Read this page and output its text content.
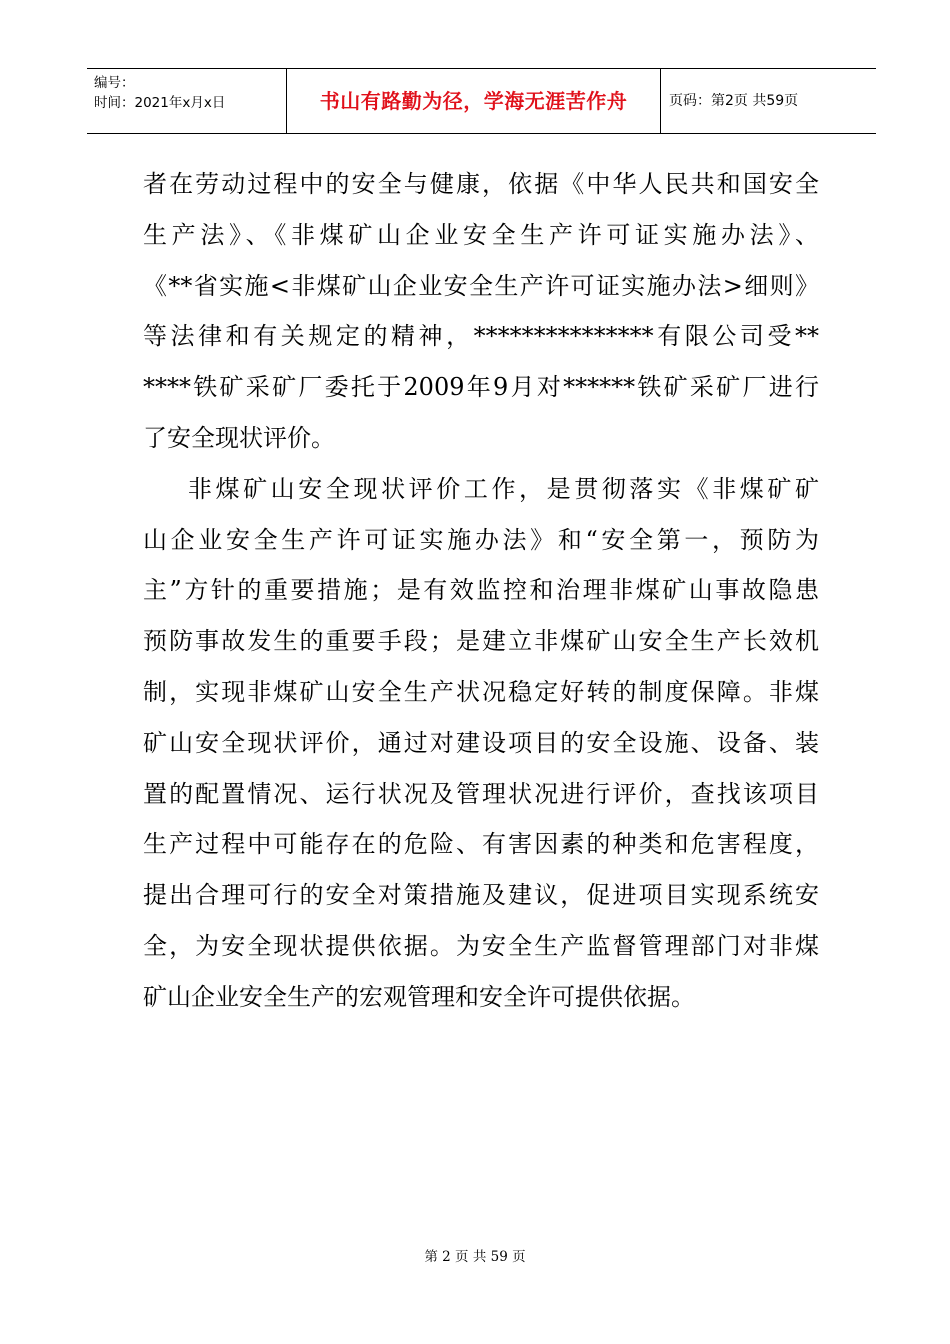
编号：
时间：2021年x月x日	书山有路勤为径，学海无涯苦作舟	页码：第2页 共59页

者在劳动过程中的安全与健康，依据《中华人民共和国安全

生产法》、《非煤矿山企业安全生产许可证实施办法》、

《**省实施<非煤矿山企业安全生产许可证实施办法>细则》

等法律和有关规定的精神，***************有限公司受**

****铁矿采矿厂委托于2009年9月对******铁矿采矿厂进行

了安全现状评价。

非煤矿山安全现状评价工作，是贯彻落实《非煤矿矿

山企业安全生产许可证实施办法》和“安全第一，预防为

主”方针的重要措施；是有效监控和治理非煤矿山事故隐患

预防事故发生的重要手段；是建立非煤矿山安全生产长效机

制，实现非煤矿山安全生产状况稳定好转的制度保障。非煤

矿山安全现状评价，通过对建设项目的安全设施、设备、装

置的配置情况、运行状况及管理状况进行评价，查找该项目

生产过程中可能存在的危险、有害因素的种类和危害程度，

提出合理可行的安全对策措施及建议，促进项目实现系统安

全，为安全现状提供依据。为安全生产监督管理部门对非煤

矿山企业安全生产的宏观管理和安全许可提供依据。

第 2 页 共 59 页
